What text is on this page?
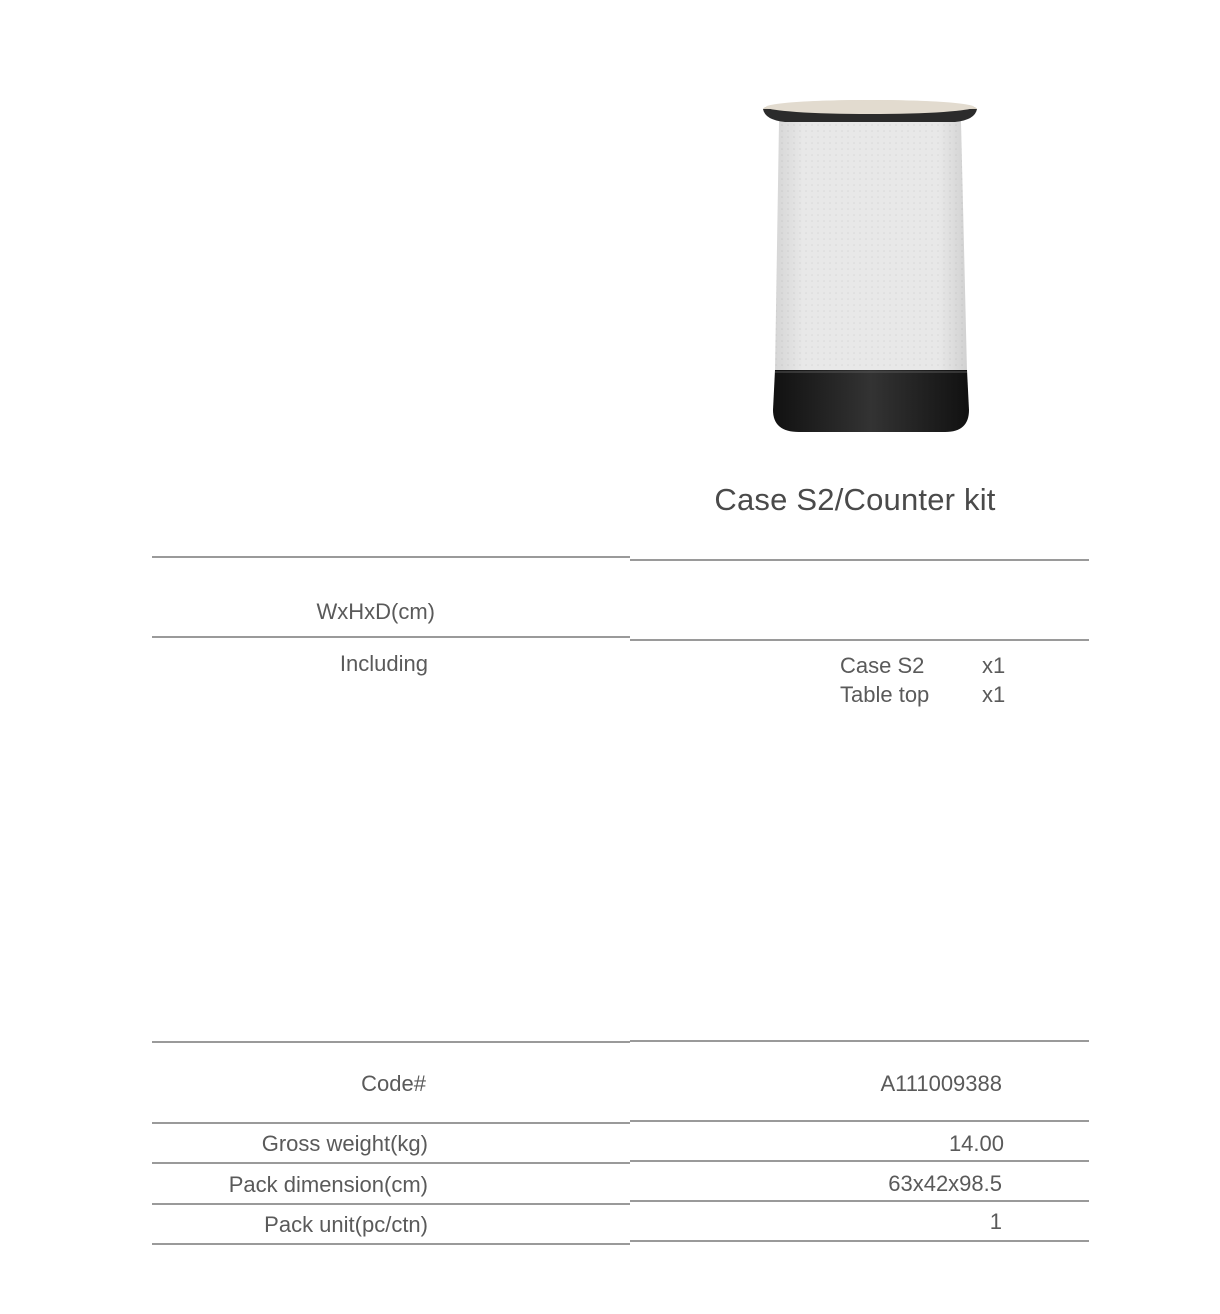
Case S2/Counter kit
WxHxD(cm)
Including	Case S2	x1
Table top x1
Code#	A111009388
Gross weight(kg)	14.00
Pack dimension(cm)	63x42x98.5
Pack unit(pc/ctn)	1
